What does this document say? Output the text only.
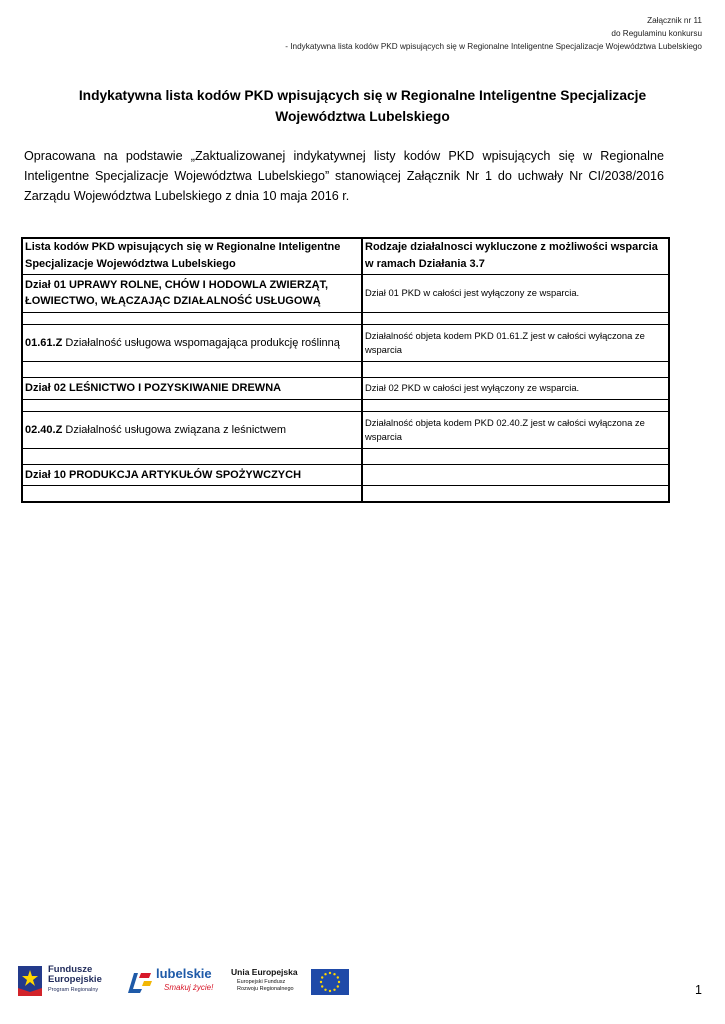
Załącznik nr 11
do Regulaminu konkursu
- Indykatywna lista kodów PKD wpisujących się w Regionalne Inteligentne Specjalizacje Województwa Lubelskiego
Indykatywna lista kodów PKD wpisujących się w Regionalne Inteligentne Specjalizacje
Województwa Lubelskiego

Opracowana na podstawie „Zaktualizowanej indykatywnej listy kodów PKD wpisujących się w Regionalne Inteligentne Specjalizacje Województwa Lubelskiego” stanowiącej Załącznik Nr 1 do uchwały Nr CI/2038/2016 Zarządu Województwa Lubelskiego z dnia 10 maja 2016 r.

Lista kodów PKD wpisujących się w Regionalne Inteligentne Specjalizacje Województwa Lubelskiego	Rodzaje działalnosci wykluczone z możliwości wsparcia w ramach Działania 3.7
Dział 01 UPRAWY ROLNE, CHÓW I HODOWLA ZWIERZĄT, ŁOWIECTWO, WŁĄCZAJĄC DZIAŁALNOŚĆ USŁUGOWĄ	Dział 01 PKD w całości jest wyłączony ze wsparcia.

01.61.Z Działalność usługowa wspomagająca produkcję roślinną	Działalność objeta kodem PKD 01.61.Z jest w całości wyłączona ze wsparcia

Dział 02 LEŚNICTWO I POZYSKIWANIE DREWNA	Dział 02 PKD w całości jest wyłączony ze wsparcia.

02.40.Z Działalność usługowa związana z leśnictwem	Działalność objeta kodem PKD 02.40.Z jest w całości wyłączona ze wsparcia

Dział 10 PRODUKCJA ARTYKUŁÓW SPOŻYWCZYCH	

Fundusze
Europejskie
Program Regionalny
lubelskie
Smakuj życie!
Unia Europejska
Europejski Fundusz
Rozwoju Regionalnego	1
